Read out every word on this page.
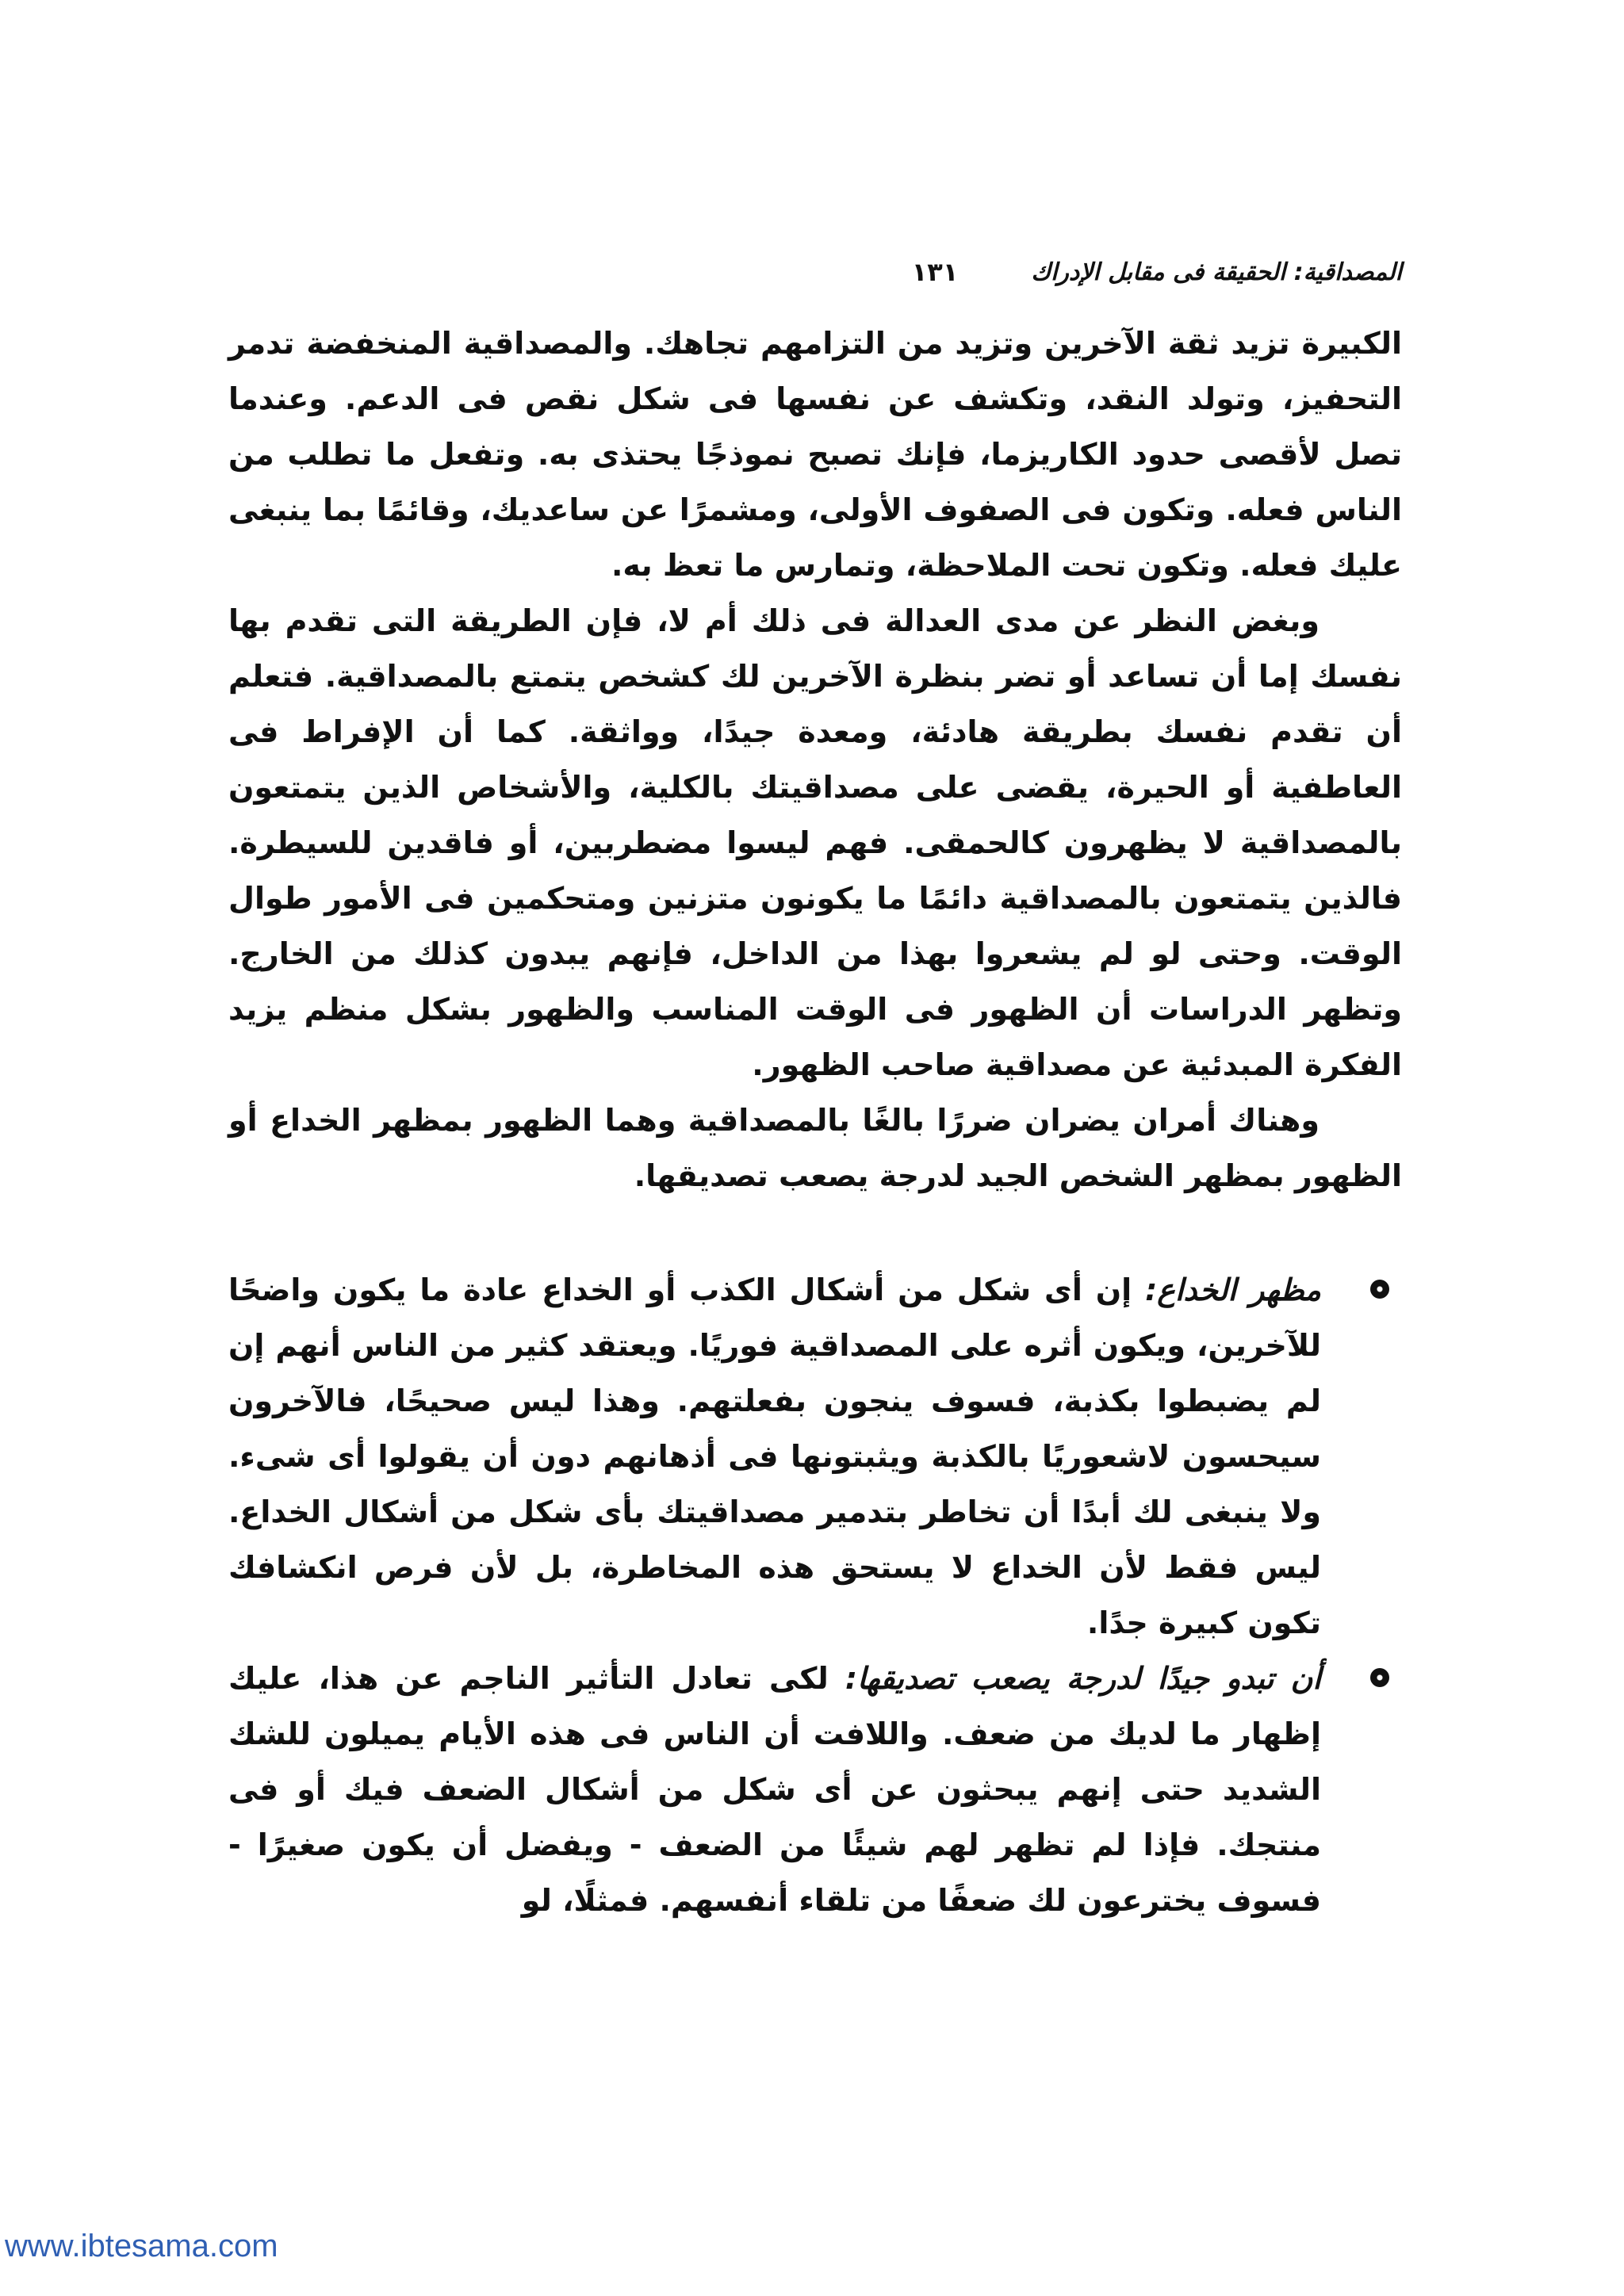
المصداقية: الحقيقة فى مقابل الإدراك
١٣١

الكبيرة تزيد ثقة الآخرين وتزيد من التزامهم تجاهك. والمصداقية المنخفضة تدمر التحفيز، وتولد النقد، وتكشف عن نفسها فى شكل نقص فى الدعم. وعندما تصل لأقصى حدود الكاريزما، فإنك تصبح نموذجًا يحتذى به. وتفعل ما تطلب من الناس فعله. وتكون فى الصفوف الأولى، ومشمرًا عن ساعديك، وقائمًا بما ينبغى عليك فعله. وتكون تحت الملاحظة، وتمارس ما تعظ به.

وبغض النظر عن مدى العدالة فى ذلك أم لا، فإن الطريقة التى تقدم بها نفسك إما أن تساعد أو تضر بنظرة الآخرين لك كشخص يتمتع بالمصداقية. فتعلم أن تقدم نفسك بطريقة هادئة، ومعدة جيدًا، وواثقة. كما أن الإفراط فى العاطفية أو الحيرة، يقضى على مصداقيتك بالكلية، والأشخاص الذين يتمتعون بالمصداقية لا يظهرون كالحمقى. فهم ليسوا مضطربين، أو فاقدين للسيطرة. فالذين يتمتعون بالمصداقية دائمًا ما يكونون متزنين ومتحكمين فى الأمور طوال الوقت. وحتى لو لم يشعروا بهذا من الداخل، فإنهم يبدون كذلك من الخارج. وتظهر الدراسات أن الظهور فى الوقت المناسب والظهور بشكل منظم يزيد الفكرة المبدئية عن مصداقية صاحب الظهور.

وهناك أمران يضران ضررًا بالغًا بالمصداقية وهما الظهور بمظهر الخداع أو الظهور بمظهر الشخص الجيد لدرجة يصعب تصديقها.

مظهر الخداع: إن أى شكل من أشكال الكذب أو الخداع عادة ما يكون واضحًا للآخرين، ويكون أثره على المصداقية فوريًا. ويعتقد كثير من الناس أنهم إن لم يضبطوا بكذبة، فسوف ينجون بفعلتهم. وهذا ليس صحيحًا، فالآخرون سيحسون لاشعوريًا بالكذبة ويثبتونها فى أذهانهم دون أن يقولوا أى شىء. ولا ينبغى لك أبدًا أن تخاطر بتدمير مصداقيتك بأى شكل من أشكال الخداع. ليس فقط لأن الخداع لا يستحق هذه المخاطرة، بل لأن فرص انكشافك تكون كبيرة جدًا.
أن تبدو جيدًا لدرجة يصعب تصديقها: لكى تعادل التأثير الناجم عن هذا، عليك إظهار ما لديك من ضعف. واللافت أن الناس فى هذه الأيام يميلون للشك الشديد حتى إنهم يبحثون عن أى شكل من أشكال الضعف فيك أو فى منتجك. فإذا لم تظهر لهم شيئًا من الضعف - ويفضل أن يكون صغيرًا - فسوف يخترعون لك ضعفًا من تلقاء أنفسهم. فمثلًا، لو
www.ibtesama.com
